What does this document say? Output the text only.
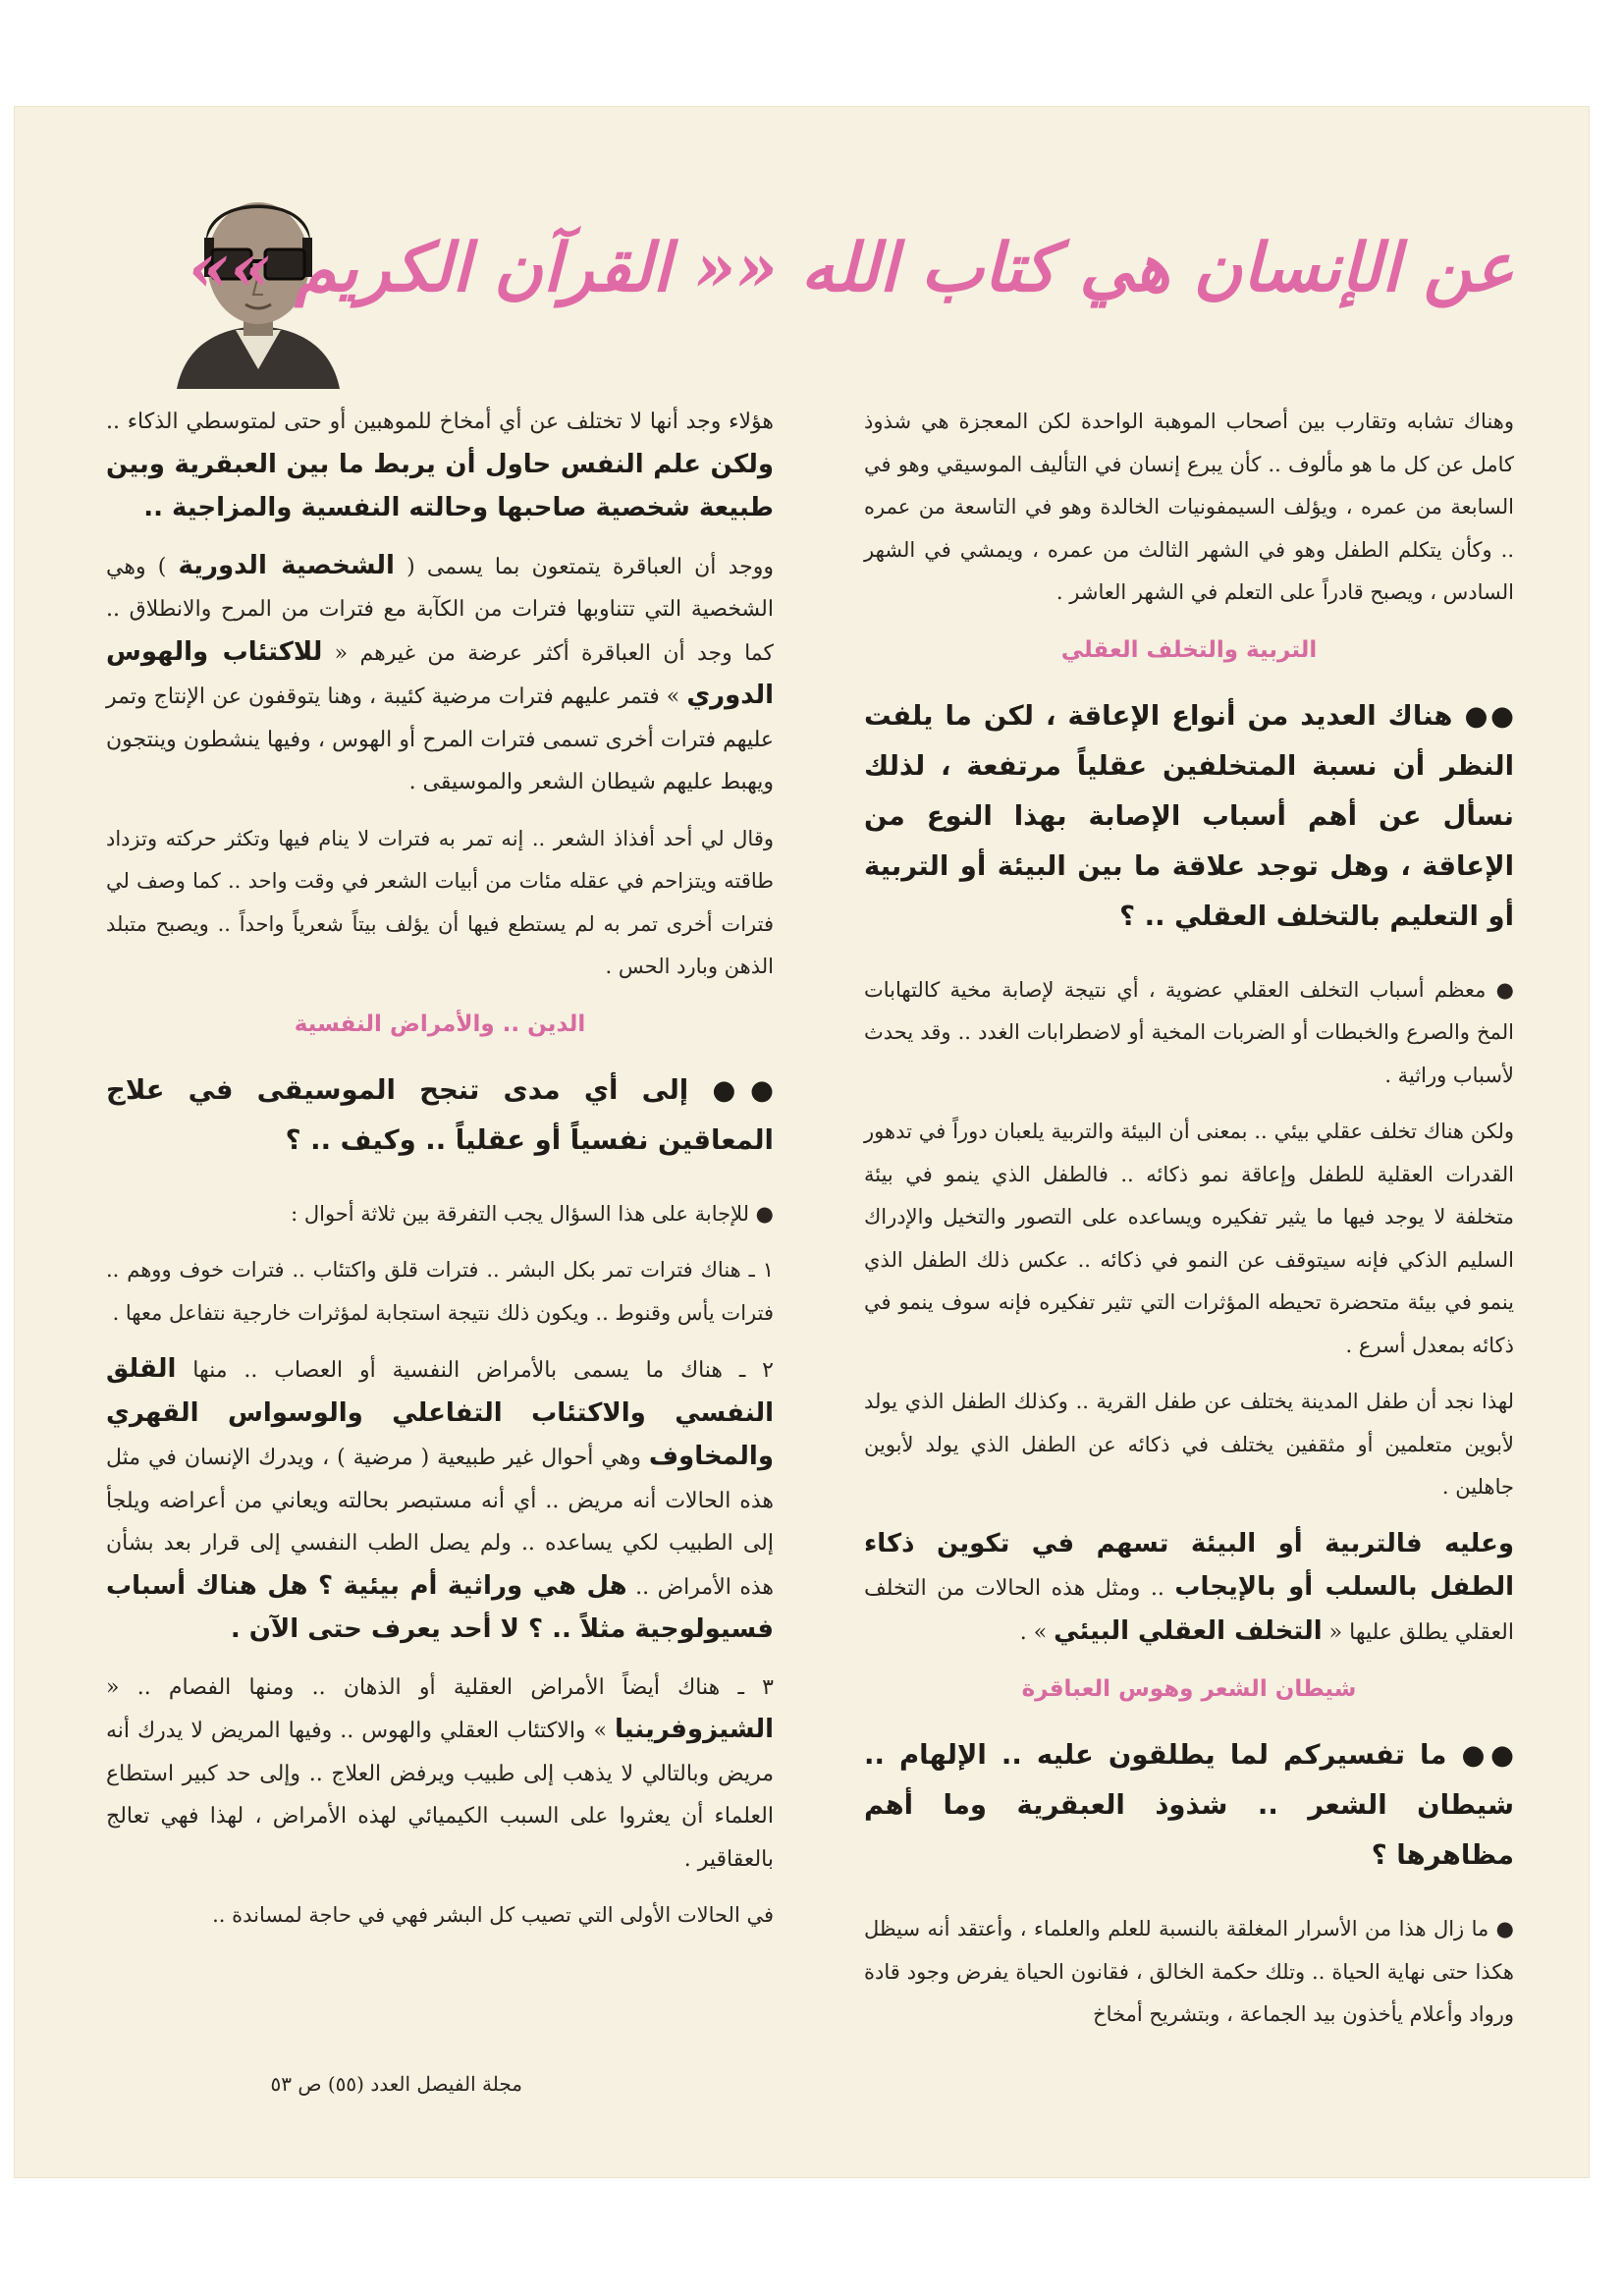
عن الإنسان هي كتاب الله «« القرآن الكريم »»

وهناك تشابه وتقارب بين أصحاب الموهبة الواحدة لكن المعجزة هي شذوذ كامل عن كل ما هو مألوف .. كأن يبرع إنسان في التأليف الموسيقي وهو في السابعة من عمره ، ويؤلف السيمفونيات الخالدة وهو في التاسعة من عمره .. وكأن يتكلم الطفل وهو في الشهر الثالث من عمره ، ويمشي في الشهر السادس ، ويصبح قادراً على التعلم في الشهر العاشر .

التربية والتخلف العقلي

●● هناك العديد من أنواع الإعاقة ، لكن ما يلفت النظر أن نسبة المتخلفين عقلياً مرتفعة ، لذلك نسأل عن أهم أسباب الإصابة بهذا النوع من الإعاقة ، وهل توجد علاقة ما بين البيئة أو التربية أو التعليم بالتخلف العقلي .. ؟

● معظم أسباب التخلف العقلي عضوية ، أي نتيجة لإصابة مخية كالتهابات المخ والصرع والخبطات أو الضربات المخية أو لاضطرابات الغدد .. وقد يحدث لأسباب وراثية .

ولكن هناك تخلف عقلي بيئي .. بمعنى أن البيئة والتربية يلعبان دوراً في تدهور القدرات العقلية للطفل وإعاقة نمو ذكائه .. فالطفل الذي ينمو في بيئة متخلفة لا يوجد فيها ما يثير تفكيره ويساعده على التصور والتخيل والإدراك السليم الذكي فإنه سيتوقف عن النمو في ذكائه .. عكس ذلك الطفل الذي ينمو في بيئة متحضرة تحيطه المؤثرات التي تثير تفكيره فإنه سوف ينمو في ذكائه بمعدل أسرع .

لهذا نجد أن طفل المدينة يختلف عن طفل القرية .. وكذلك الطفل الذي يولد لأبوين متعلمين أو مثقفين يختلف في ذكائه عن الطفل الذي يولد لأبوين جاهلين .

وعليه فالتربية أو البيئة تسهم في تكوين ذكاء الطفل بالسلب أو بالإيجاب .. ومثل هذه الحالات من التخلف العقلي يطلق عليها « التخلف العقلي البيئي » .

شيطان الشعر وهوس العباقرة

●● ما تفسيركم لما يطلقون عليه .. الإلهام .. شيطان الشعر .. شذوذ العبقرية وما أهم مظاهرها ؟

● ما زال هذا من الأسرار المغلقة بالنسبة للعلم والعلماء ، وأعتقد أنه سيظل هكذا حتى نهاية الحياة .. وتلك حكمة الخالق ، فقانون الحياة يفرض وجود قادة ورواد وأعلام يأخذون بيد الجماعة ، وبتشريح أمخاخ

هؤلاء وجد أنها لا تختلف عن أي أمخاخ للموهبين أو حتى لمتوسطي الذكاء .. ولكن علم النفس حاول أن يربط ما بين العبقرية وبين طبيعة شخصية صاحبها وحالته النفسية والمزاجية ..

ووجد أن العباقرة يتمتعون بما يسمى ( الشخصية الدورية ) وهي الشخصية التي تتناوبها فترات من الكآبة مع فترات من المرح والانطلاق .. كما وجد أن العباقرة أكثر عرضة من غيرهم « للاكتئاب والهوس الدوري » فتمر عليهم فترات مرضية كئيبة ، وهنا يتوقفون عن الإنتاج وتمر عليهم فترات أخرى تسمى فترات المرح أو الهوس ، وفيها ينشطون وينتجون ويهبط عليهم شيطان الشعر والموسيقى .

وقال لي أحد أفذاذ الشعر .. إنه تمر به فترات لا ينام فيها وتكثر حركته وتزداد طاقته ويتزاحم في عقله مئات من أبيات الشعر في وقت واحد .. كما وصف لي فترات أخرى تمر به لم يستطع فيها أن يؤلف بيتاً شعرياً واحداً .. ويصبح متبلد الذهن وبارد الحس .

الدين .. والأمراض النفسية

●● إلى أي مدى تنجح الموسيقى في علاج المعاقين نفسياً أو عقلياً .. وكيف .. ؟

● للإجابة على هذا السؤال يجب التفرقة بين ثلاثة أحوال :

١ ـ هناك فترات تمر بكل البشر .. فترات قلق واكتئاب .. فترات خوف ووهم .. فترات يأس وقنوط .. ويكون ذلك نتيجة استجابة لمؤثرات خارجية نتفاعل معها .

٢ ـ هناك ما يسمى بالأمراض النفسية أو العصاب .. منها القلق النفسي والاكتئاب التفاعلي والوسواس القهري والمخاوف وهي أحوال غير طبيعية ( مرضية ) ، ويدرك الإنسان في مثل هذه الحالات أنه مريض .. أي أنه مستبصر بحالته ويعاني من أعراضه ويلجأ إلى الطبيب لكي يساعده .. ولم يصل الطب النفسي إلى قرار بعد بشأن هذه الأمراض .. هل هي وراثية أم بيئية ؟ هل هناك أسباب فسيولوجية مثلاً .. ؟ لا أحد يعرف حتى الآن .

٣ ـ هناك أيضاً الأمراض العقلية أو الذهان .. ومنها الفصام .. « الشيزوفرينيا » والاكتئاب العقلي والهوس .. وفيها المريض لا يدرك أنه مريض وبالتالي لا يذهب إلى طبيب ويرفض العلاج .. وإلى حد كبير استطاع العلماء أن يعثروا على السبب الكيميائي لهذه الأمراض ، لهذا فهي تعالج بالعقاقير .

في الحالات الأولى التي تصيب كل البشر فهي في حاجة لمساندة ..

مجلة الفيصل العدد (٥٥) ص ٥٣
